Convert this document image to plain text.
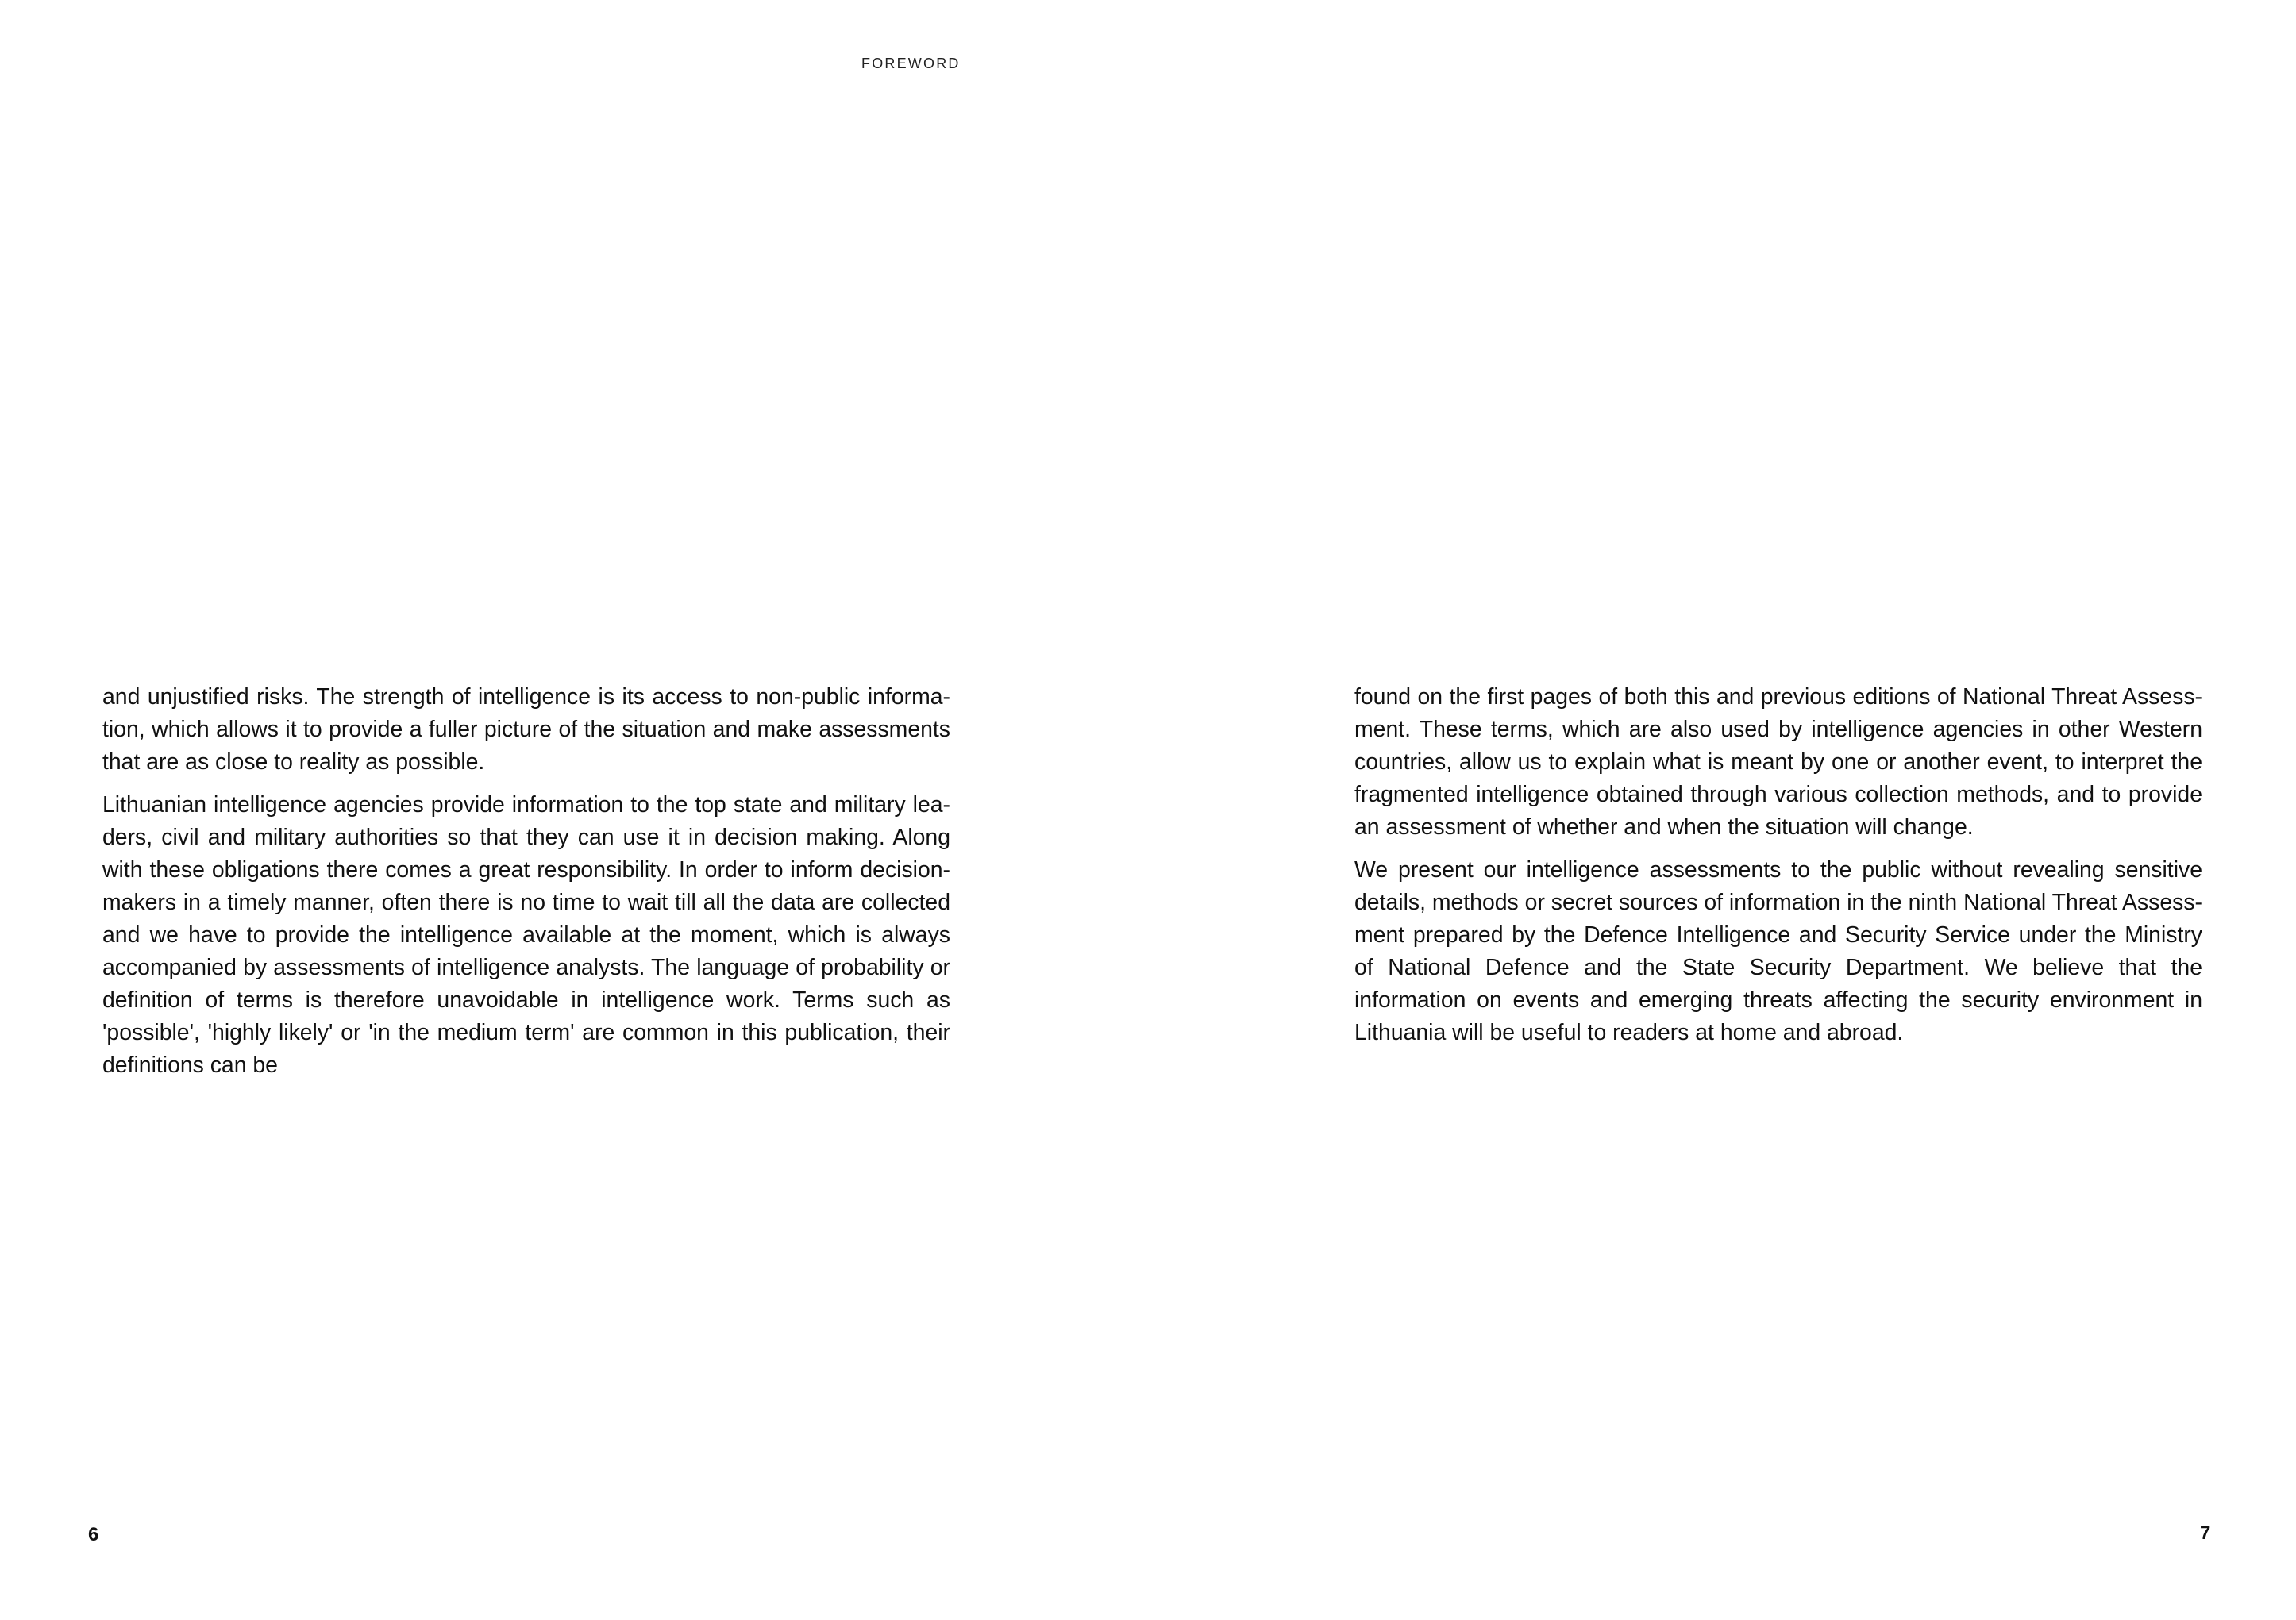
FOREWORD

and unjustified risks. The strength of intelligence is its access to non-public information, which allows it to provide a fuller picture of the situation and make assessments that are as close to reality as possible.

Lithuanian intelligence agencies provide information to the top state and military leaders, civil and military authorities so that they can use it in decision making. Along with these obligations there comes a great responsibility. In order to inform decision-makers in a timely manner, often there is no time to wait till all the data are collected and we have to provide the intelligence available at the moment, which is always accompanied by assessments of intelligence analysts. The language of probability or definition of terms is therefore unavoidable in intelligence work. Terms such as 'possible', 'highly likely' or 'in the medium term' are common in this publication, their definitions can be

6

found on the first pages of both this and previous editions of National Threat Assessment. These terms, which are also used by intelligence agencies in other Western countries, allow us to explain what is meant by one or another event, to interpret the fragmented intelligence obtained through various collection methods, and to provide an assessment of whether and when the situation will change.

We present our intelligence assessments to the public without revealing sensitive details, methods or secret sources of information in the ninth National Threat Assessment prepared by the Defence Intelligence and Security Service under the Ministry of National Defence and the State Security Department. We believe that the information on events and emerging threats affecting the security environment in Lithuania will be useful to readers at home and abroad.

7
